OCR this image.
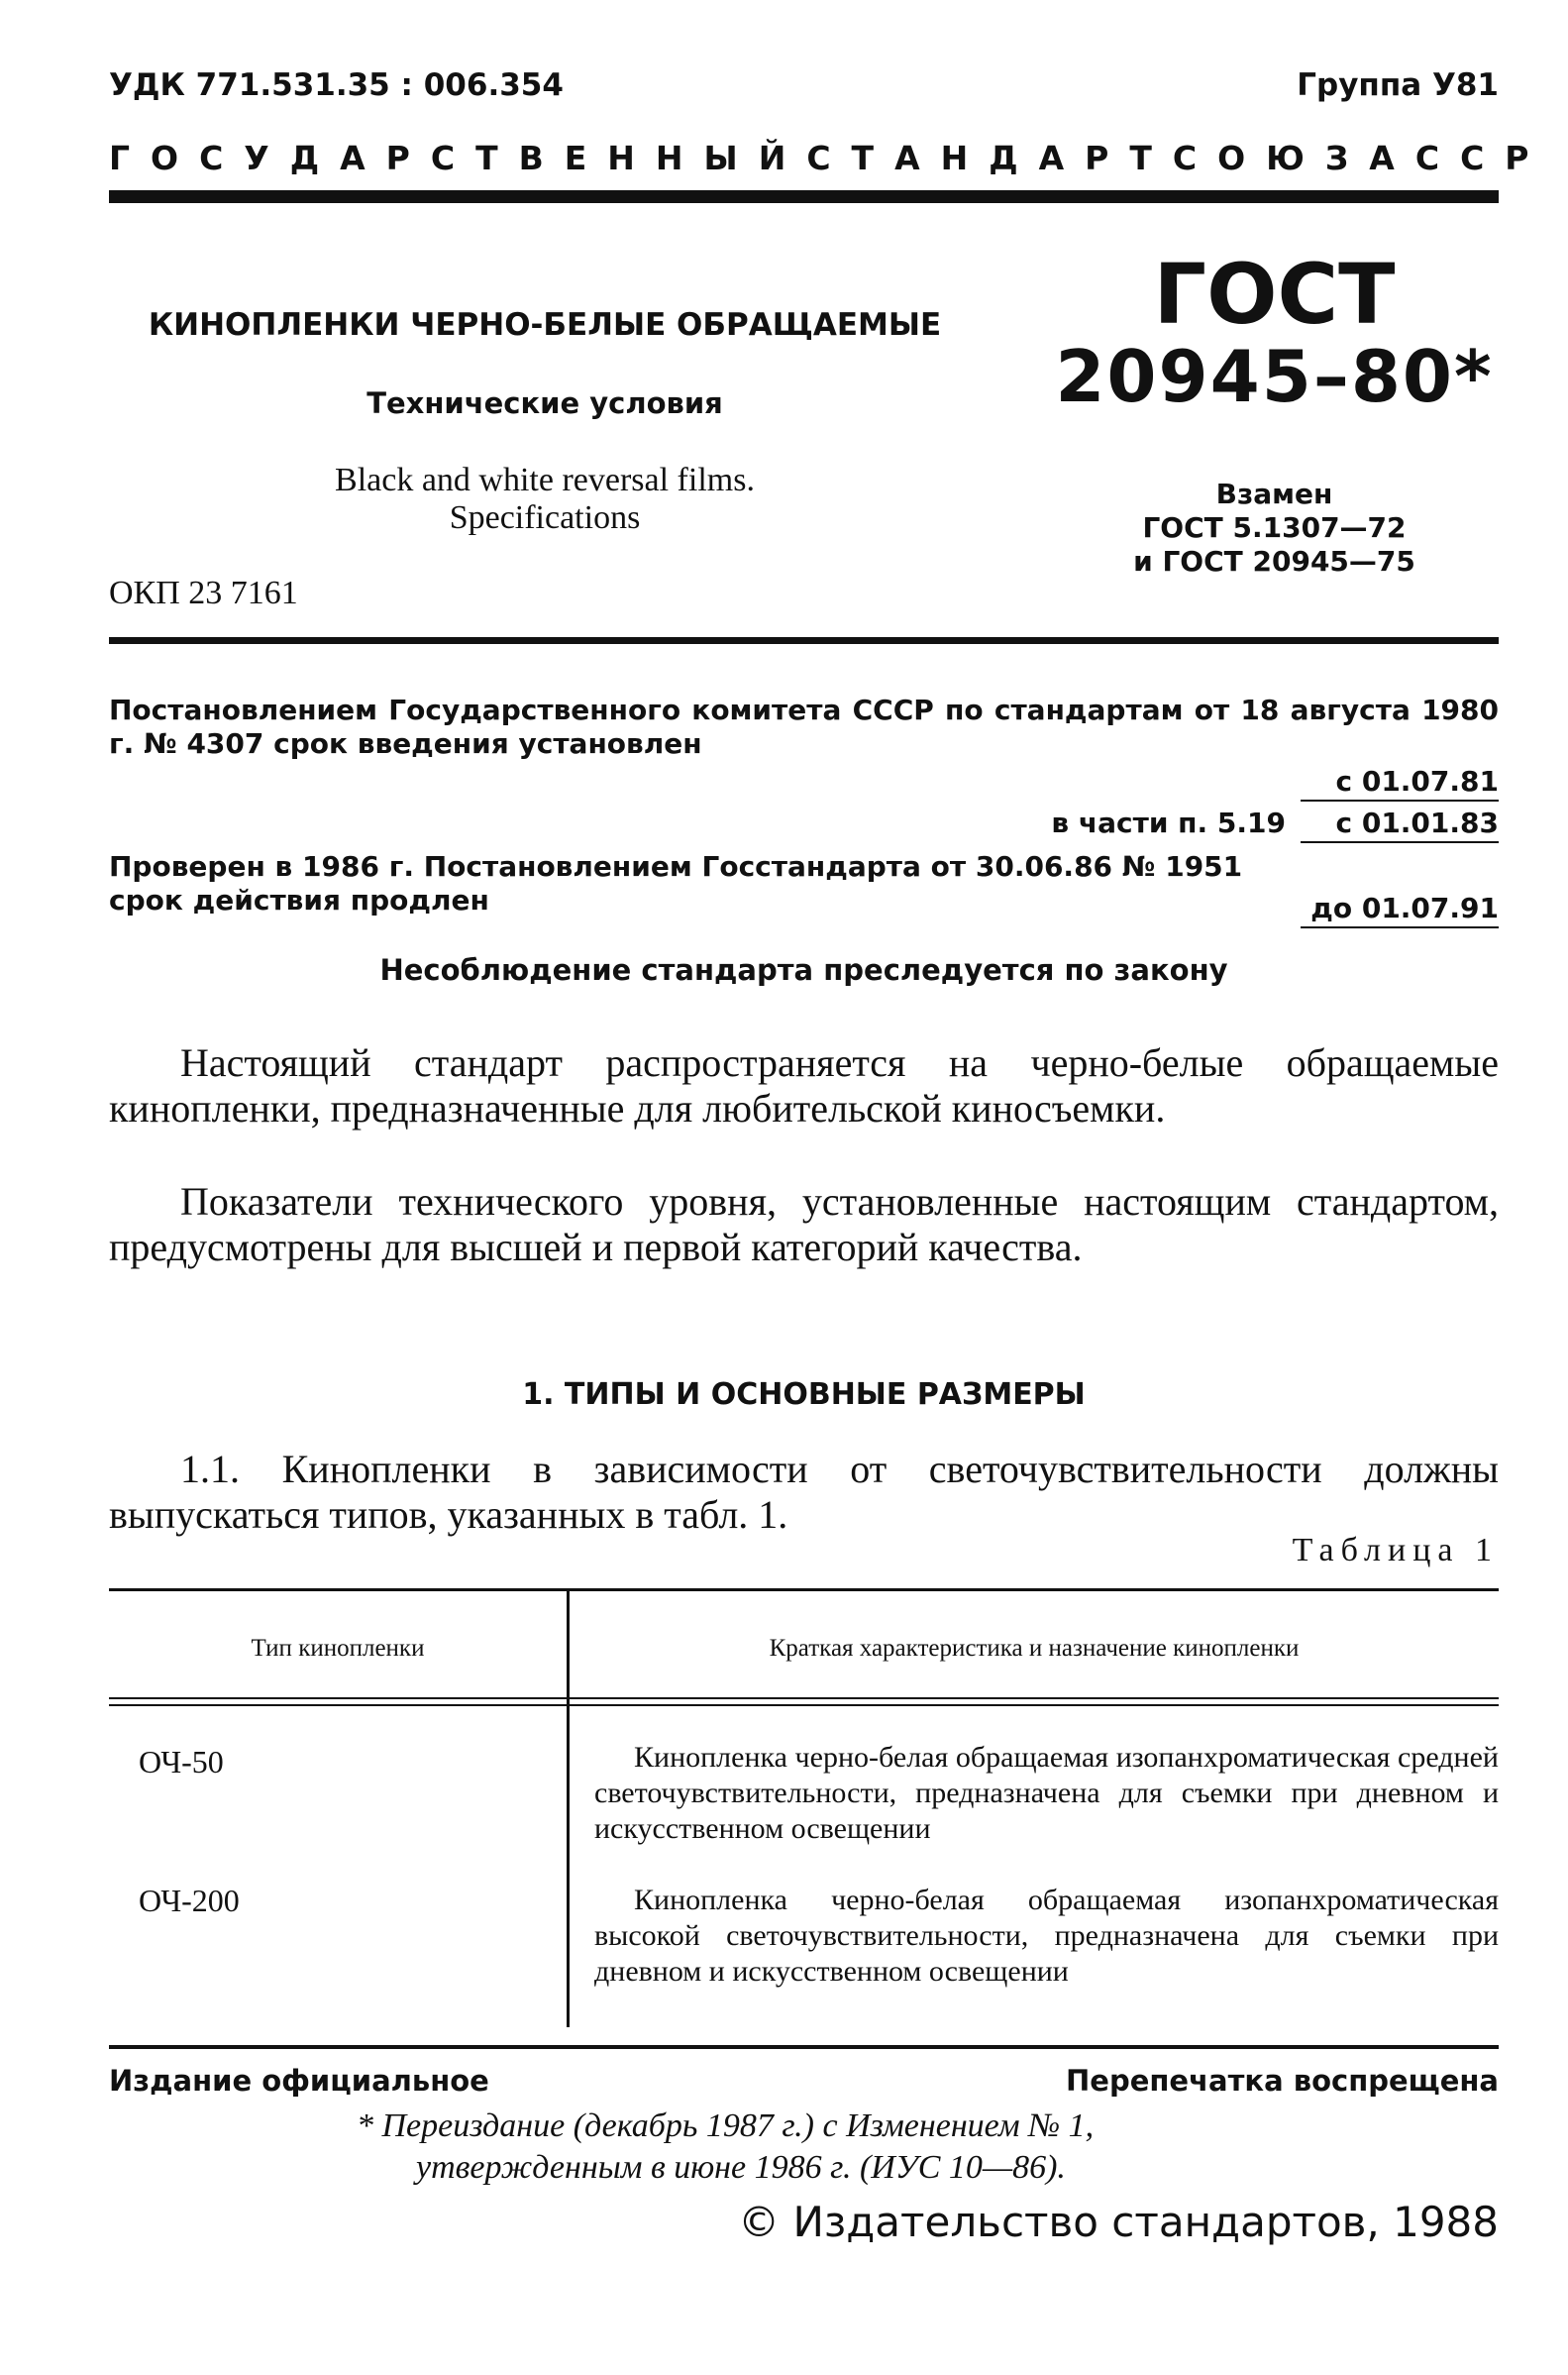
УДК 771.531.35 : 006.354	Группа У81
ГОСУДАРСТВЕННЫЙ СТАНДАРТ СОЮЗА ССР
КИНОПЛЕНКИ ЧЕРНО-БЕЛЫЕ ОБРАЩАЕМЫЕ
Технические условия
Black and white reversal films.
Specifications
ГОСТ
20945–80*
Взамен
ГОСТ 5.1307—72
и ГОСТ 20945—75
ОКП 23 7161
Постановлением Государственного комитета СССР по стандартам от 18 августа 1980 г. № 4307 срок введения установлен
с 01.07.81
в части п. 5.19	с 01.01.83
Проверен в 1986 г. Постановлением Госстандарта от 30.06.86 № 1951 срок действия продлен	до 01.07.91
Несоблюдение стандарта преследуется по закону
Настоящий стандарт распространяется на черно-белые обращаемые кинопленки, предназначенные для любительской киносъемки.
Показатели технического уровня, установленные настоящим стандартом, предусмотрены для высшей и первой категорий качества.
1. ТИПЫ И ОСНОВНЫЕ РАЗМЕРЫ
1.1. Кинопленки в зависимости от светочувствительности должны выпускаться типов, указанных в табл. 1.
Таблица 1
Тип кинопленки	Краткая характеристика и назначение кинопленки
ОЧ-50	Кинопленка черно-белая обращаемая изопанхроматическая средней светочувствительности, предназначена для съемки при дневном и искусственном освещении
ОЧ-200	Кинопленка черно-белая обращаемая изопанхроматическая высокой светочувствительности, предназначена для съемки при дневном и искусственном освещении
Издание официальное	Перепечатка воспрещена
* Переиздание (декабрь 1987 г.) с Изменением № 1,
утвержденным в июне 1986 г. (ИУС 10—86).
© Издательство стандартов, 1988
